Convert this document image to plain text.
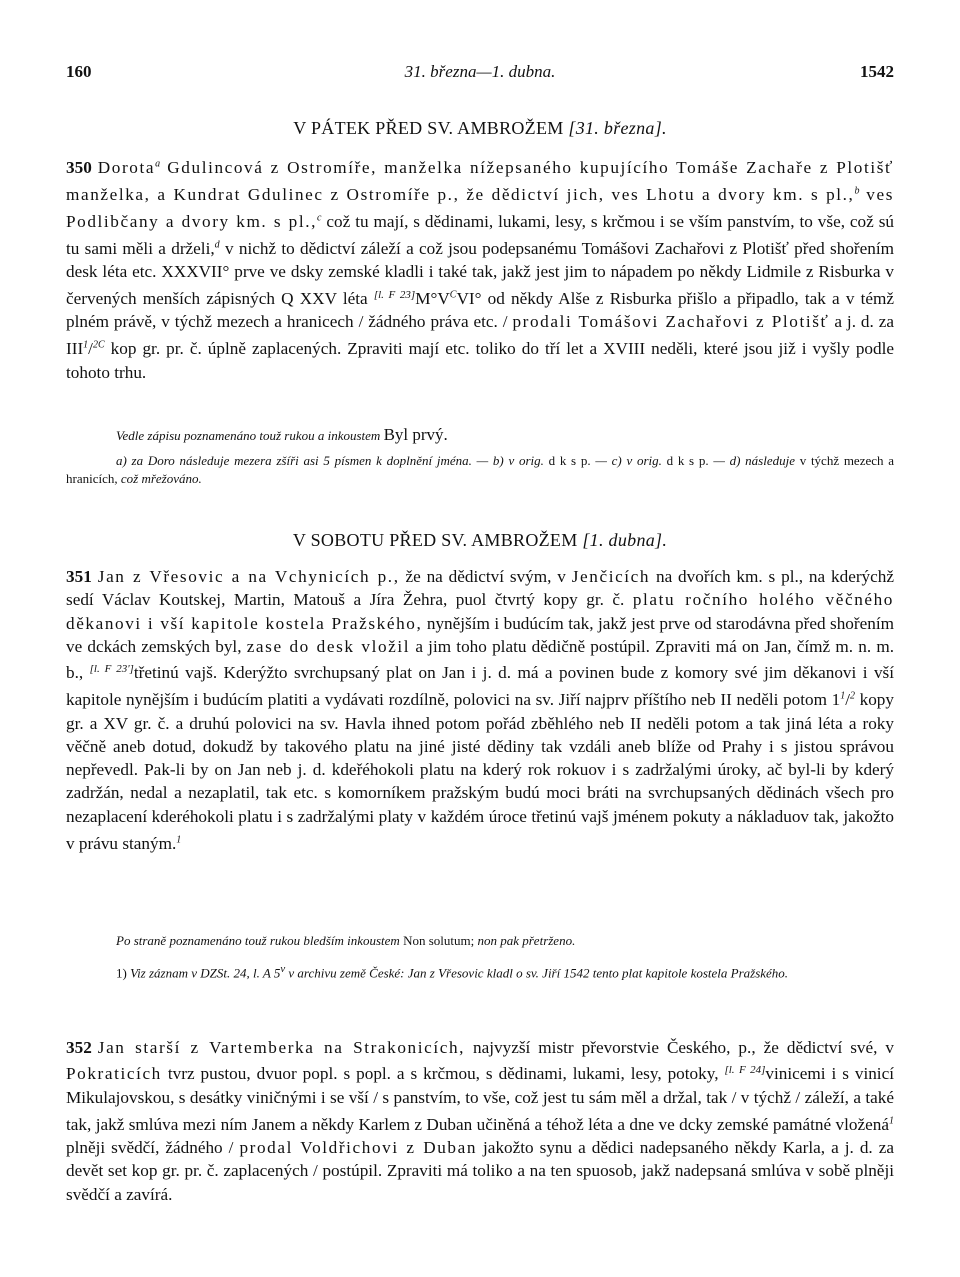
160	31. března—1. dubna.	1542
V PÁTEK PŘED SV. AMBROŽEM [31. března].
350 Dorota$^a$ Gdulincová z Ostromíře, manželka nížepsaného kupujícího Tomáše Zachaře z Plotišť manželka, a Kundrat Gdulinec z Ostromíře p., že dědictví jich, ves Lhotu a dvory km. s pl.,$^b$ ves Podlibčany a dvory km. s pl.,$^c$ což tu mají, s dědinami, lukami, lesy, s krčmou i se vším panstvím, to vše, což sú tu sami měli a drželi,$^d$ v nichž to dědictví záleží a což jsou podepsanému Tomášovi Zachařovi z Plotišť před shořením desk léta etc. XXXVII° prve ve dsky zemské kladli i také tak, jakž jest jim to nápadem po někdy Lidmile z Risburka v červených menších zápisných Q XXV léta $[l. F 23]M^\circ V^CVI^\circ$ od někdy Alše z Risburka přišlo a připadlo, tak a v témž plném právě, v týchž mezech a hranicech / žádného práva etc. / prodali Tomášovi Zachařovi z Plotišť a j. d. za III$^1$/$^{2C}$ kop gr. pr. č. úplně zaplacených. Zpraviti mají etc. toliko do tří let a XVIII neděli, které jsou již i vyšly podle tohoto trhu.
Vedle zápisu poznamenáno touž rukou a inkoustem Byl prvý.
a) za Doro následuje mezera zšíři asi 5 písmen k doplnění jména. — b) v orig. d k s p. — c) v orig. d k s p. — d) následuje v týchž mezech a hranicích, což mřežováno.
V SOBOTU PŘED SV. AMBROŽEM [1. dubna].
351 Jan z Vřesovic a na Vchynicích p., že na dědictví svým, v Jenčicích na dvořích km. s pl., na kderýchž sedí Václav Koutskej, Martin, Matouš a Jíra Žehra, puol čtvrtý kopy gr. č. platu ročního holého věčného děkanovi i vší kapitole kostela Pražského, nynějším i budúcím tak, jakž jest prve od starodávna před shořením ve dckách zemských byl, zase do desk vložil a jim toho platu dědičně postúpil. Zpraviti má on Jan, čímž m. n. m. b., [l. F 23']třetinú vajš. Kderýžto svrchupsaný plat on Jan i j. d. má a povinen bude z komory své jim děkanovi i vší kapitole nynějším i budúcím platiti a vydávati rozdílně, polovici na sv. Jiří najprv příštího neb II neděli potom $1^1/^2$ kopy gr. a XV gr. č. a druhú polovici na sv. Havla ihned potom pořád zběhlého neb II neděli potom a tak jiná léta a roky věčně aneb dotud, dokudž by takového platu na jiné jisté dědiny tak vzdáli aneb blíže od Prahy i s jistou správou nepřevedl. Pak-li by on Jan neb j. d. kdeřéhokoli platu na kderý rok rokuov i s zadržalými úroky, ač byl-li by kderý zadržán, nedal a nezaplatil, tak etc. s komorníkem pražským budú moci bráti na svrchupsaných dědinách všech pro nezaplacení kderéhokoli platu i s zadržalými platy v každém úroce třetinú vajš jménem pokuty a nákladuov tak, jakožto v právu staným.$^1$
Po straně poznamenáno touž rukou bledším inkoustem Non solutum; non pak přetrženo.
1) Viz záznam v DZSt. 24, l. A 5$^v$ v archivu země České: Jan z Vřesovic kladl o sv. Jiří 1542 tento plat kapitole kostela Pražského.
352 Jan starší z Vartemberka na Strakonicích, najvyzší mistr převorstvie Českého, p., že dědictví své, v Pokraticích tvrz pustou, dvuor popl. s popl. a s krčmou, s dědinami, lukami, lesy, potoky, [l. F 24]vinicemi i s vinicí Mikulajovskou, s desátky viničnými i se vší / s panstvím, to vše, což jest tu sám měl a držal, tak / v týchž / záleží, a také tak, jakž smlúva mezi ním Janem a někdy Karlem z Duban učiněná a téhož léta a dne ve dcky zemské památné vložená$^1$ plněji svědčí, žádného / prodal Voldřichovi z Duban jakožto synu a dědici nadepsaného někdy Karla, a j. d. za devět set kop gr. pr. č. zaplacených / postúpil. Zpraviti má toliko a na ten spuosob, jakž nadepsaná smlúva v sobě plněji svědčí a zavírá.
